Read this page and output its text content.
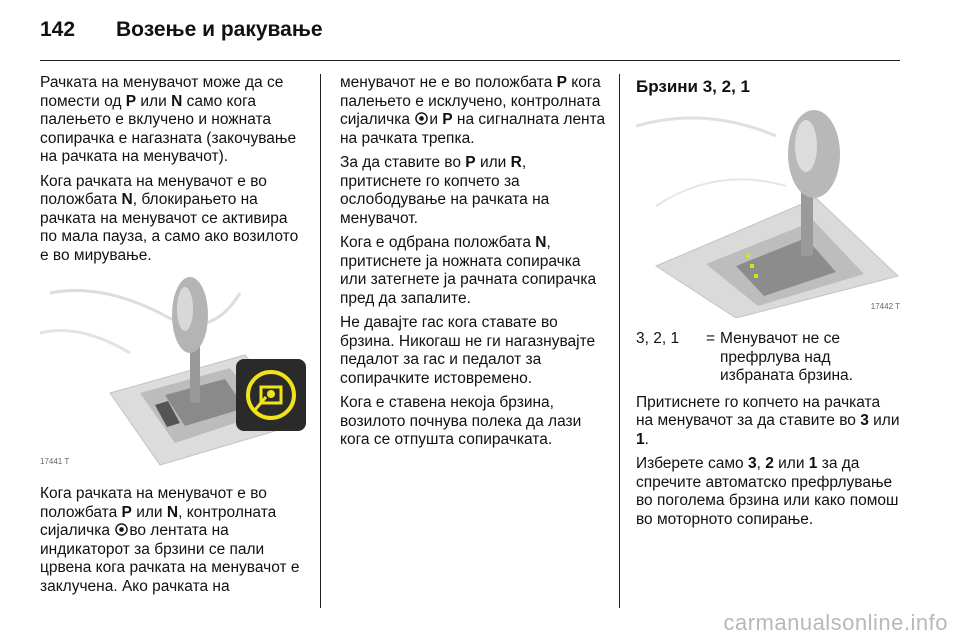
142	Возење и ракување

Рачката на менувачот може да се помести од P или N само кога палењето е вклучено и ножната сопирачка е нагазната (закочување на рачката на менувачот).

Кога рачката на менувачот е во положбата N, блокирањето на рачката на менувачот се активира по мала пауза, а само ако возилото е во мирување.

17441 T

Кога рачката на менувачот е во положбата P или N, контролната сијаличка во лентата на индикаторот за брзини се пали црвена кога рачката на менувачот е заклучена. Ако рачката на

менувачот не е во положбата P кога палењето е исклучено, контролната сијаличка и P на сигналната лента на рачката трепка.

За да ставите во P или R, притиснете го копчето за ослободување на рачката на менувачот.

Кога е одбрана положбата N, притиснете ја ножната сопирачка или затегнете ја рачната сопирачка пред да запалите.

Не давајте гас кога ставате во брзина. Никогаш не ги нагазнувајте педалот за гас и педалот за сопирачките истовремено.

Кога е ставена некоја брзина, возилото почнува полека да лази кога се отпушта сопирачката.

Брзини 3, 2, 1
17442 T
3, 2, 1	= Менувачот не се префрлува над избраната брзина.

Притиснете го копчето на рачката на менувачот за да ставите во 3 или 1.

Изберете само 3, 2 или 1 за да спречите автоматско префрлување во поголема брзина или како помош во моторното сопирање.

carmanualsonline.info
